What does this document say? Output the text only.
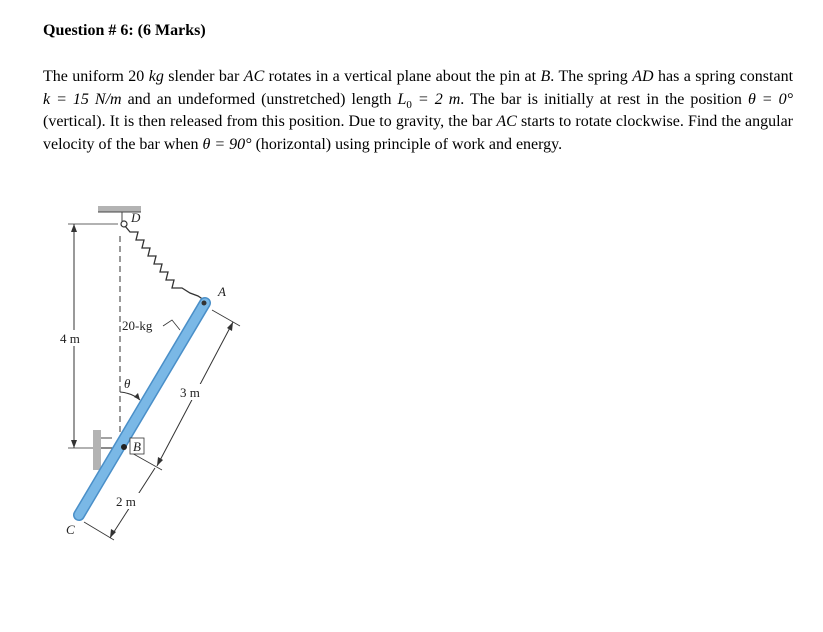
Question # 6: (6 Marks)

The uniform 20 kg slender bar AC rotates in a vertical plane about the pin at B. The spring AD has a spring constant k = 15 N/m and an undeformed (unstretched) length $L_0 = 2$ m. The bar is initially at rest in the position θ = 0° (vertical). It is then released from this position. Due to gravity, the bar AC starts to rotate clockwise. Find the angular velocity of the bar when θ = 90° (horizontal) using principle of work and energy.

4 m
θ
3 m
2 m
20-kg
D
A
B
C
